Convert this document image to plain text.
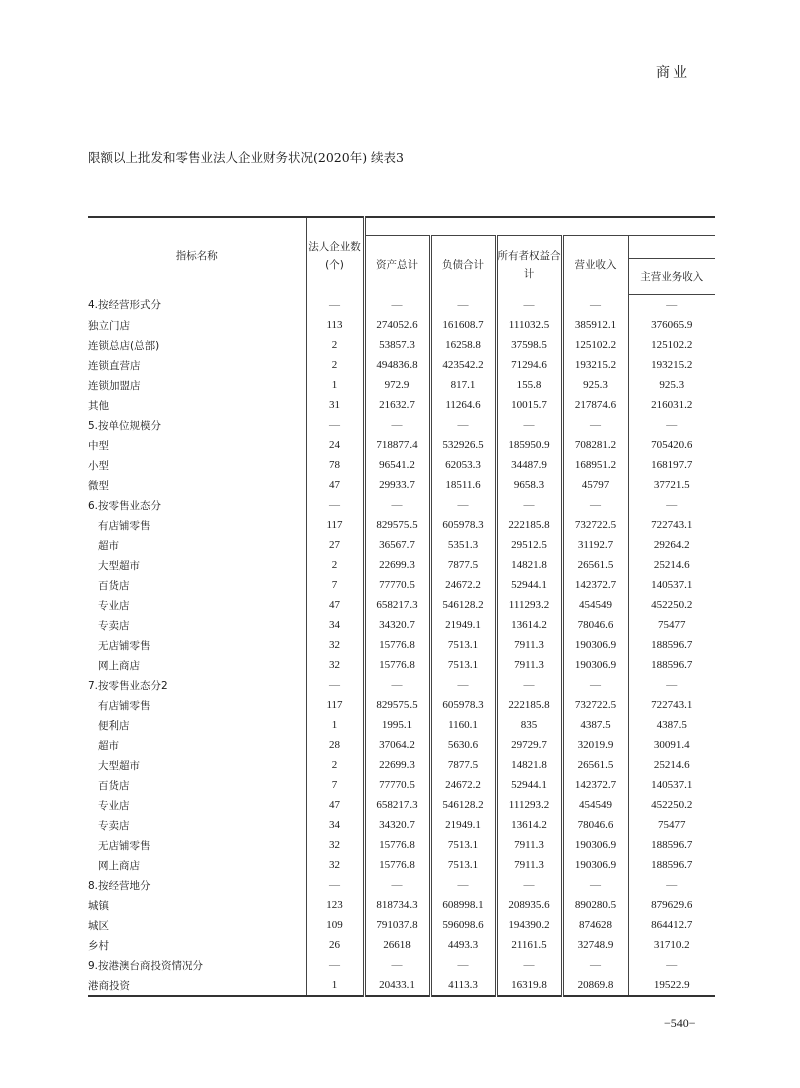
商业
限额以上批发和零售业法人企业财务状况(2020年) 续表3
指标名称	法人企业数(个)					
		资产总计	负债合计	所有者权益合计	营业收入	
						主营业务收入
4.按经营形式分	—	—	—	—	—	—
独立门店	113	274052.6	161608.7	111032.5	385912.1	376065.9
连锁总店(总部)	2	53857.3	16258.8	37598.5	125102.2	125102.2
连锁直营店	2	494836.8	423542.2	71294.6	193215.2	193215.2
连锁加盟店	1	972.9	817.1	155.8	925.3	925.3
其他	31	21632.7	11264.6	10015.7	217874.6	216031.2
5.按单位规模分	—	—	—	—	—	—
中型	24	718877.4	532926.5	185950.9	708281.2	705420.6
小型	78	96541.2	62053.3	34487.9	168951.2	168197.7
微型	47	29933.7	18511.6	9658.3	45797	37721.5
6.按零售业态分	—	—	—	—	—	—
有店铺零售	117	829575.5	605978.3	222185.8	732722.5	722743.1
超市	27	36567.7	5351.3	29512.5	31192.7	29264.2
大型超市	2	22699.3	7877.5	14821.8	26561.5	25214.6
百货店	7	77770.5	24672.2	52944.1	142372.7	140537.1
专业店	47	658217.3	546128.2	111293.2	454549	452250.2
专卖店	34	34320.7	21949.1	13614.2	78046.6	75477
无店铺零售	32	15776.8	7513.1	7911.3	190306.9	188596.7
网上商店	32	15776.8	7513.1	7911.3	190306.9	188596.7
7.按零售业态分2	—	—	—	—	—	—
有店铺零售	117	829575.5	605978.3	222185.8	732722.5	722743.1
便利店	1	1995.1	1160.1	835	4387.5	4387.5
超市	28	37064.2	5630.6	29729.7	32019.9	30091.4
大型超市	2	22699.3	7877.5	14821.8	26561.5	25214.6
百货店	7	77770.5	24672.2	52944.1	142372.7	140537.1
专业店	47	658217.3	546128.2	111293.2	454549	452250.2
专卖店	34	34320.7	21949.1	13614.2	78046.6	75477
无店铺零售	32	15776.8	7513.1	7911.3	190306.9	188596.7
网上商店	32	15776.8	7513.1	7911.3	190306.9	188596.7
8.按经营地分	—	—	—	—	—	—
城镇	123	818734.3	608998.1	208935.6	890280.5	879629.6
城区	109	791037.8	596098.6	194390.2	874628	864412.7
乡村	26	26618	4493.3	21161.5	32748.9	31710.2
9.按港澳台商投资情况分	—	—	—	—	—	—
港商投资	1	20433.1	4113.3	16319.8	20869.8	19522.9
−540−
